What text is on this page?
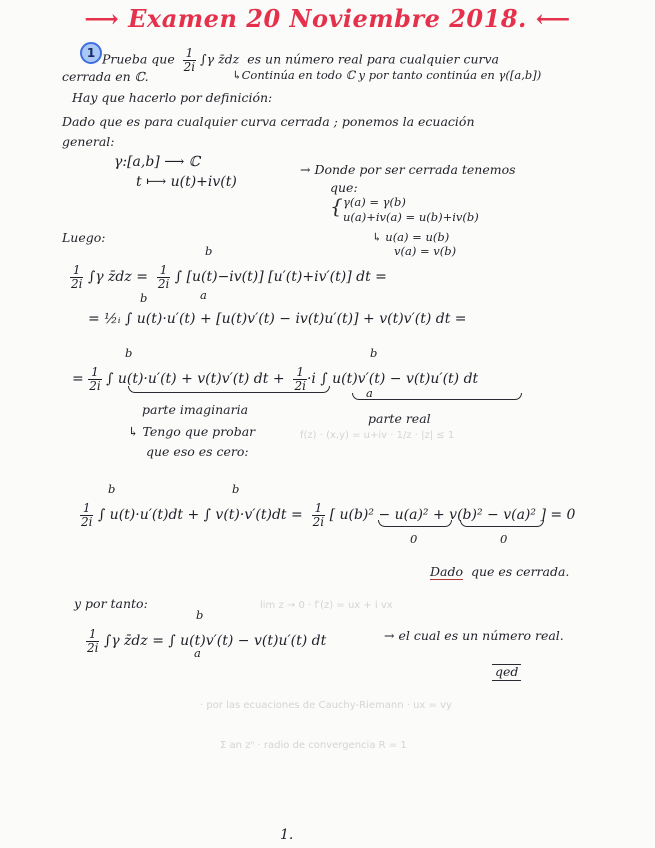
f(z) · (x,y) = u+iv · 1/z · |z| ≤ 1
lim z → 0 · f′(z) = ux + i vx
· por las ecuaciones de Cauchy-Riemann · ux = vy
Σ an zⁿ · radio de convergencia R = 1
⟶ Examen 20 Noviembre 2018. ⟵
1 Prueba que $\frac{1}{2i} \int\gamma$ z̄dz es un número real para cualquier curva
cerrada en ℂ.	↳Continúa en todo ℂ y por tanto continúa en γ([a,b])
Hay que hacerlo por definición:
Dado que es para cualquier curva cerrada ; ponemos la ecuación
general:
γ:[a,b] ⟶ ℂ
t ⟼ u(t)+iv(t)
→ Donde por ser cerrada tenemos
que:
{ γ(a) = γ(b)
u(a)+iv(a) = u(b)+iv(b)
↳ u(a) = u(b)
v(a) = v(b)
Luego:
$\frac{1}{2i} \int\gamma$ z̄dz = $\frac{1}{2i}$ ∫ [u(t)−iv(t)] [u′(t)+iv′(t)] dt =
b
a
= ½ᵢ ∫ u(t)·u′(t) + [u(t)v′(t) − iv(t)u′(t)] + v(t)v′(t) dt =
b
= $\frac{1}{2i}$ ∫ u(t)·u′(t) + v(t)v′(t) dt + $\frac{1}{2i} \cdot i$ ∫ u(t)v′(t) − v(t)u′(t) dt
b	b
a
parte imaginaria
parte real
↳ Tengo que probar
que eso es cero:
$\frac{1}{2i}$ ∫ u(t)·u′(t)dt + ∫ $v(t)\cdot v'(t)dt = \frac{1}{2i}$ [ u(b)² − u(a)² + v(b)² − v(a)² ] = 0
b	b
0	0
Dado que es cerrada.
y por tanto:
$\frac{1}{2i} \int\gamma$ z̄dz = ∫ u(t)v′(t) − v(t)u′(t) dt
b
a
→ el cual es un número real.
qed
1.
